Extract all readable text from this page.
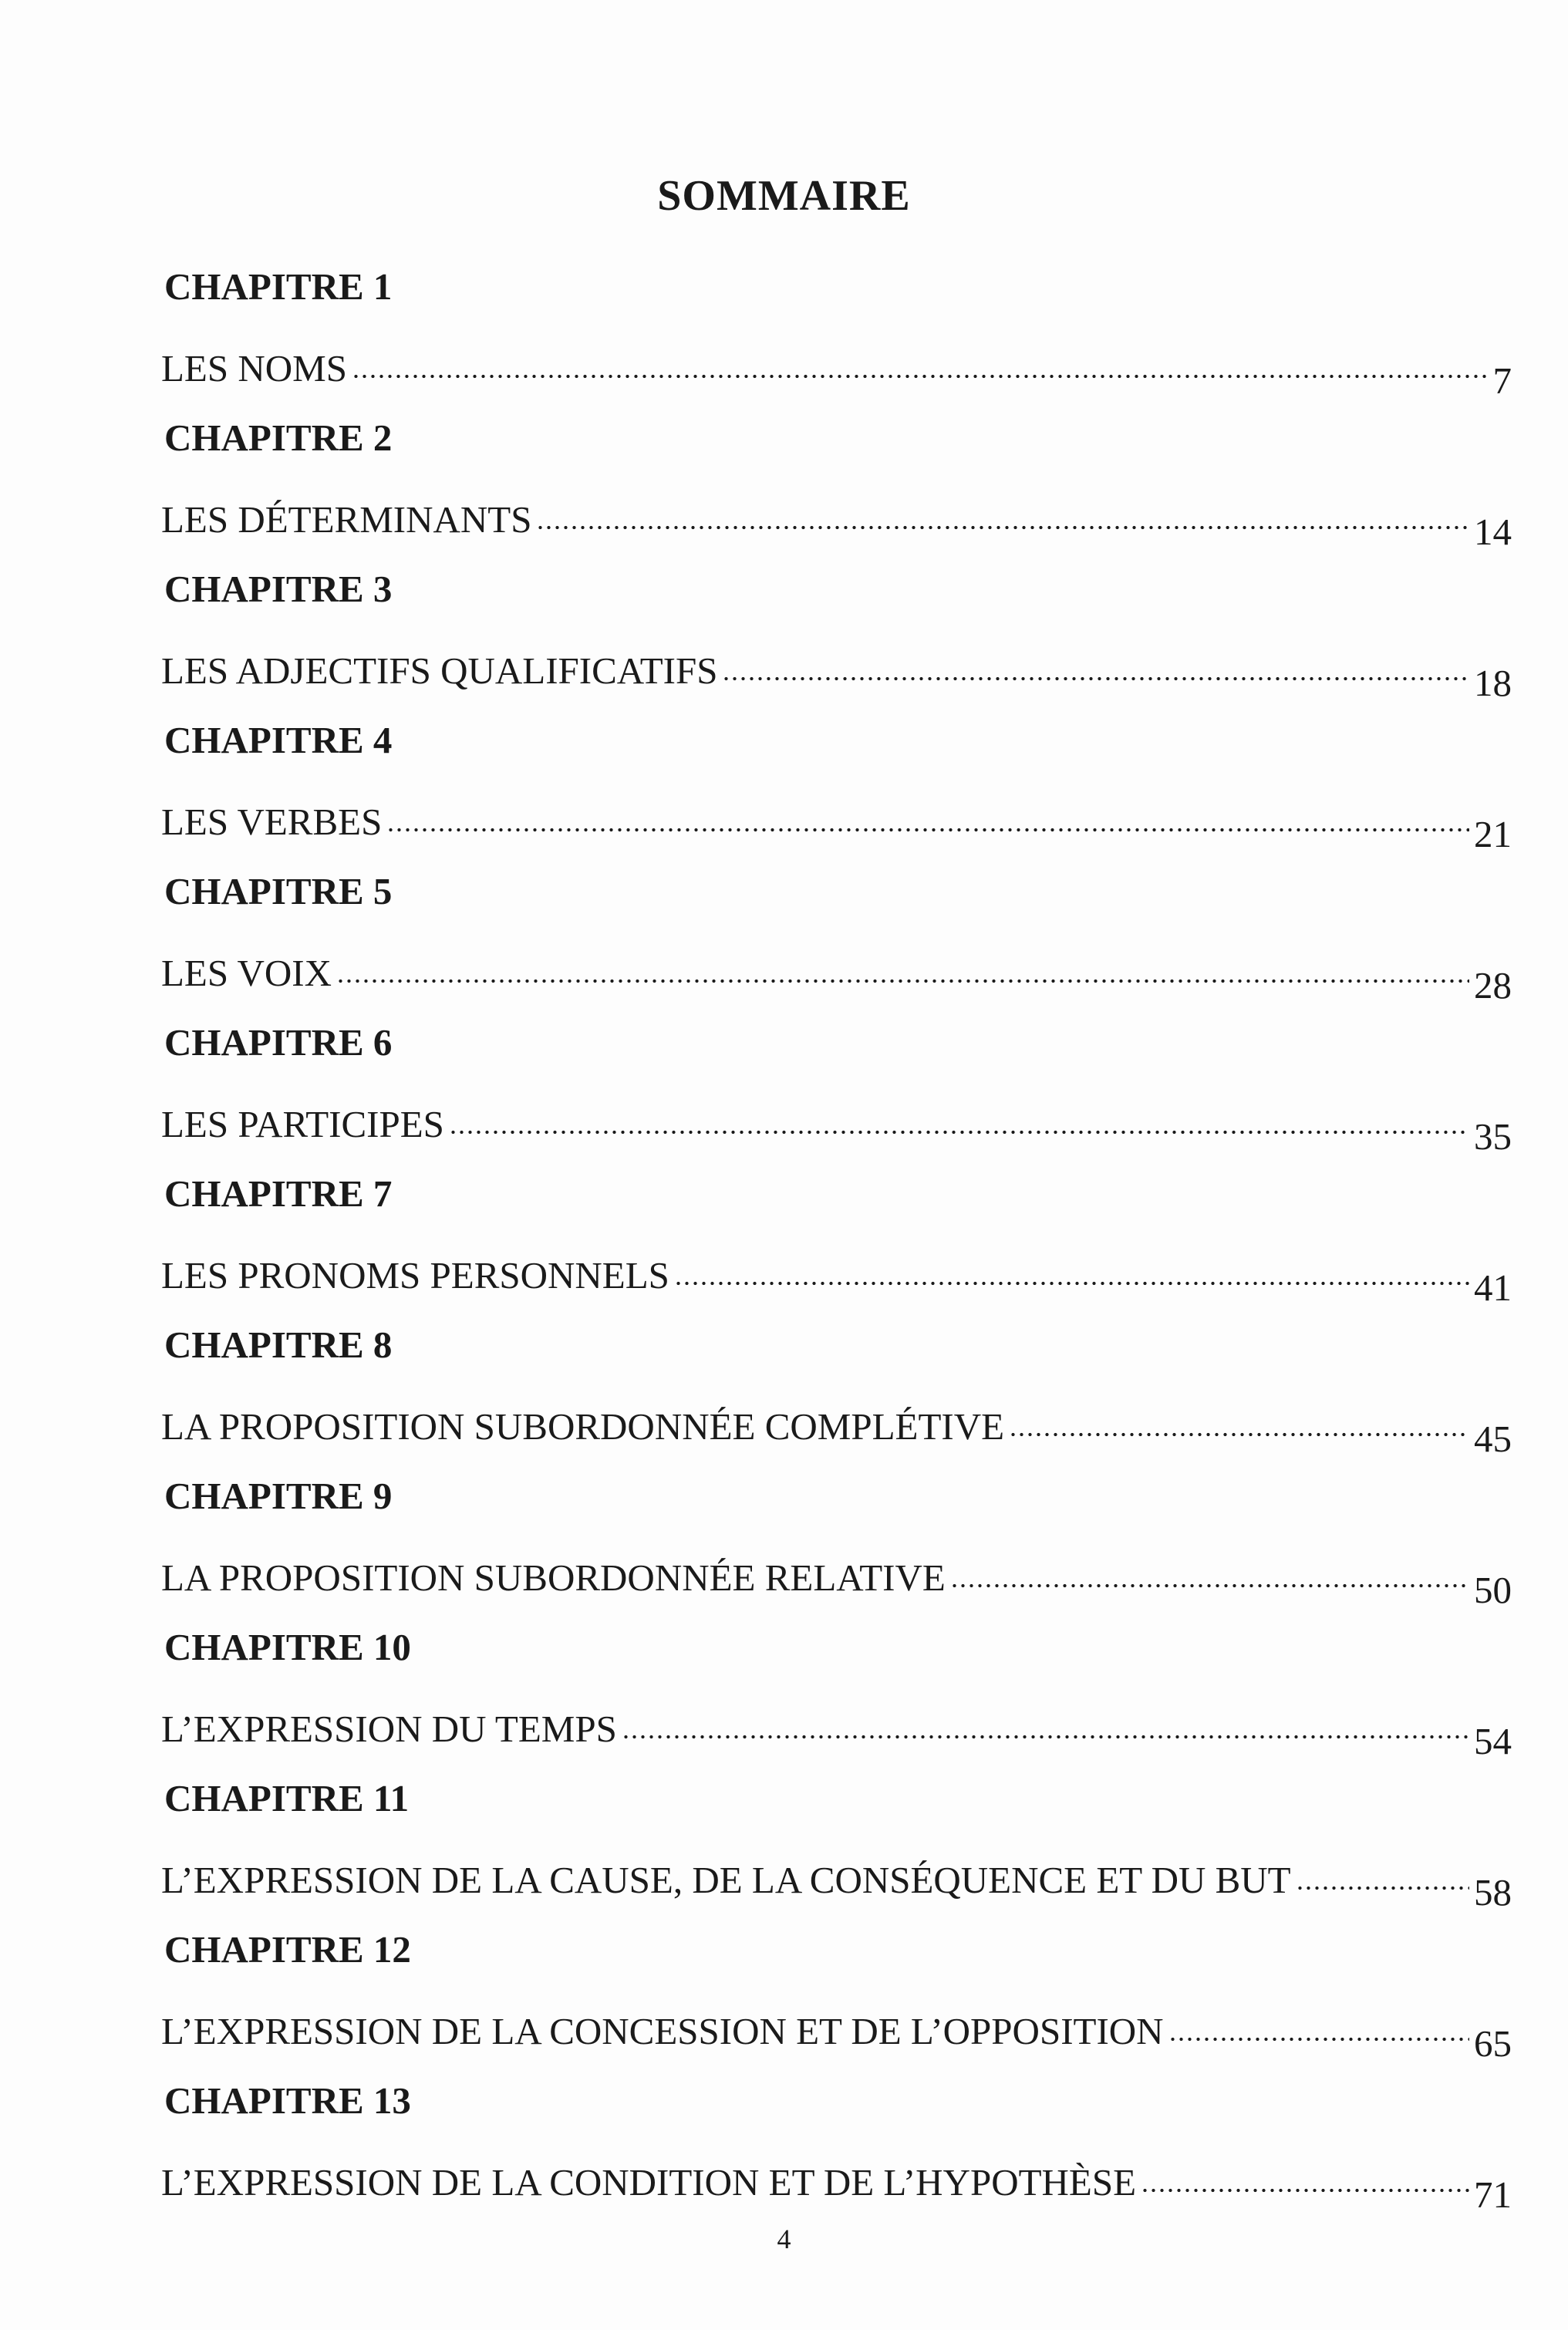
SOMMAIRE
CHAPITRE 1
LES NOMS	7
CHAPITRE 2
LES DÉTERMINANTS	14
CHAPITRE 3
LES ADJECTIFS QUALIFICATIFS	18
CHAPITRE 4
LES VERBES	21
CHAPITRE 5
LES VOIX	28
CHAPITRE 6
LES PARTICIPES	35
CHAPITRE 7
LES PRONOMS PERSONNELS	41
CHAPITRE 8
LA PROPOSITION SUBORDONNÉE COMPLÉTIVE	45
CHAPITRE 9
LA PROPOSITION SUBORDONNÉE RELATIVE	50
CHAPITRE 10
L’EXPRESSION DU TEMPS	54
CHAPITRE 11
L’EXPRESSION DE LA CAUSE, DE LA CONSÉQUENCE ET DU BUT	58
CHAPITRE 12
L’EXPRESSION DE LA CONCESSION ET DE L’OPPOSITION	65
CHAPITRE 13
L’EXPRESSION DE LA CONDITION ET DE L’HYPOTHÈSE	71
4
